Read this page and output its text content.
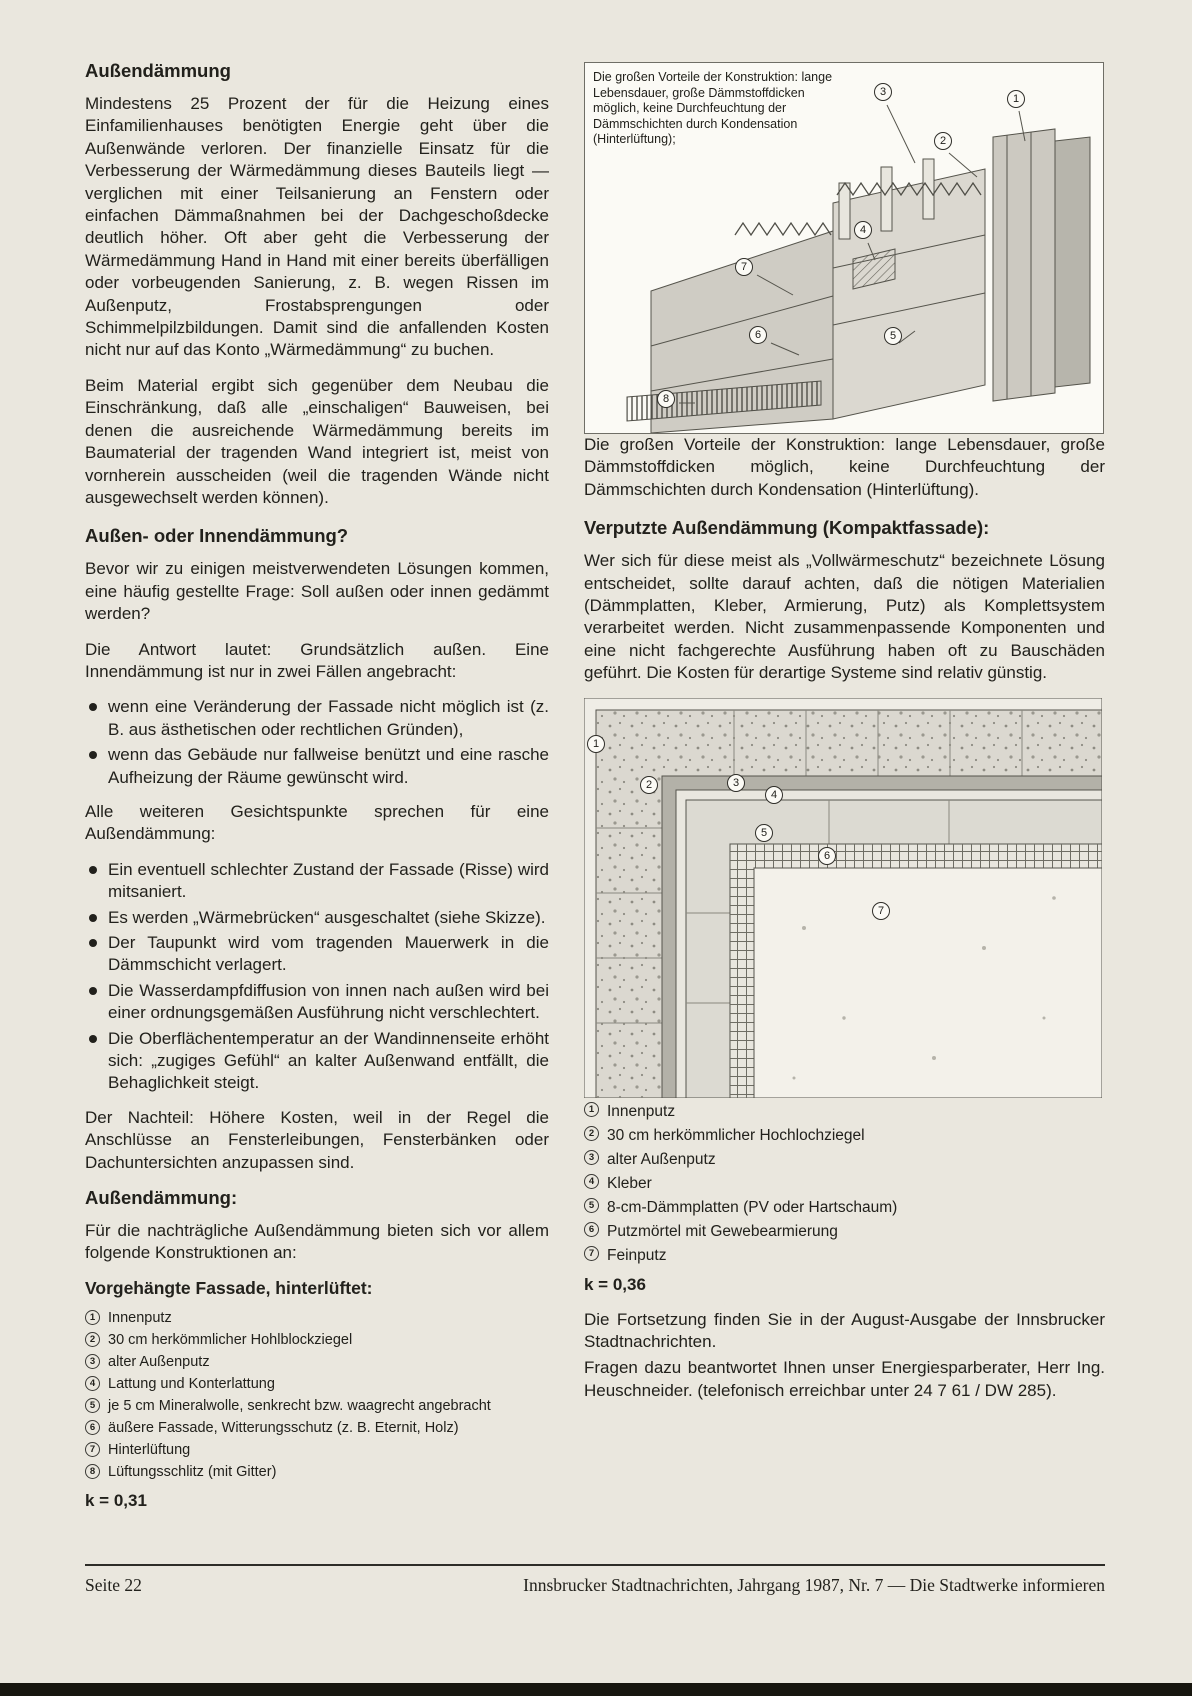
Außendämmung

Mindestens 25 Prozent der für die Heizung eines Einfamilienhauses benötigten Energie geht über die Außenwände verloren. Der finanzielle Einsatz für die Verbesserung der Wärmedämmung dieses Bauteils liegt — verglichen mit einer Teilsanierung an Fenstern oder einfachen Dämmaßnahmen bei der Dachgeschoßdecke deutlich höher. Oft aber geht die Verbesserung der Wärmedämmung Hand in Hand mit einer bereits überfälligen oder vorbeugenden Sanierung, z. B. wegen Rissen im Außenputz, Frostabsprengungen oder Schimmelpilzbildungen. Damit sind die anfallenden Kosten nicht nur auf das Konto „Wärmedämmung“ zu buchen.

Beim Material ergibt sich gegenüber dem Neubau die Einschränkung, daß alle „einschaligen“ Bauweisen, bei denen die ausreichende Wärmedämmung bereits im Baumaterial der tragenden Wand integriert ist, meist von vornherein ausscheiden (weil die tragenden Wände nicht ausgewechselt werden können).

Außen- oder Innendämmung?

Bevor wir zu einigen meistverwendeten Lösungen kommen, eine häufig gestellte Frage: Soll außen oder innen gedämmt werden?

Die Antwort lautet: Grundsätzlich außen. Eine Innendämmung ist nur in zwei Fällen angebracht:

wenn eine Veränderung der Fassade nicht möglich ist (z. B. aus ästhetischen oder rechtlichen Gründen),
wenn das Gebäude nur fallweise benützt und eine rasche Aufheizung der Räume gewünscht wird.

Alle weiteren Gesichtspunkte sprechen für eine Außendämmung:

Ein eventuell schlechter Zustand der Fassade (Risse) wird mitsaniert.
Es werden „Wärmebrücken“ ausgeschaltet (siehe Skizze).
Der Taupunkt wird vom tragenden Mauerwerk in die Dämmschicht verlagert.
Die Wasserdampfdiffusion von innen nach außen wird bei einer ordnungsgemäßen Ausführung nicht verschlechtert.
Die Oberflächentemperatur an der Wandinnenseite erhöht sich: „zugiges Gefühl“ an kalter Außenwand entfällt, die Behaglichkeit steigt.

Der Nachteil: Höhere Kosten, weil in der Regel die Anschlüsse an Fensterleibungen, Fensterbänken oder Dachuntersichten anzupassen sind.

Außendämmung:

Für die nachträgliche Außendämmung bieten sich vor allem folgende Konstruktionen an:

Vorgehängte Fassade, hinterlüftet:
1 Innenputz
2 30 cm herkömmlicher Hohlblockziegel
3 alter Außenputz
4 Lattung und Konterlattung
5 je 5 cm Mineralwolle, senkrecht bzw. waagrecht angebracht
6 äußere Fassade, Witterungsschutz (z. B. Eternit, Holz)
7 Hinterlüftung
8 Lüftungsschlitz (mit Gitter)

k = 0,31

Die großen Vorteile der Konstruktion: lange Lebensdauer, große Dämmstoffdicken möglich, keine Durchfeuchtung der Dämmschichten durch Kondensation (Hinterlüftung);
3
1
2
4
7
6	5
8

Die großen Vorteile der Konstruktion: lange Lebensdauer, große Dämmstoffdicken möglich, keine Durchfeuchtung der Dämmschichten durch Kondensation (Hinterlüftung).

Verputzte Außendämmung (Kompaktfassade):

Wer sich für diese meist als „Vollwärmeschutz“ bezeichnete Lösung entscheidet, sollte darauf achten, daß die nötigen Materialien (Dämmplatten, Kleber, Armierung, Putz) als Komplettsystem verarbeitet werden. Nicht zusammenpassende Komponenten und eine nicht fachgerechte Ausführung haben oft zu Bauschäden geführt. Die Kosten für derartige Systeme sind relativ günstig.

1
2	3
4
5
6
7
1 Innenputz
2 30 cm herkömmlicher Hochlochziegel
3 alter Außenputz
4 Kleber
5 8-cm-Dämmplatten (PV oder Hartschaum)
6 Putzmörtel mit Gewebearmierung
7 Feinputz

k = 0,36

Die Fortsetzung finden Sie in der August-Ausgabe der Innsbrucker Stadtnachrichten.

Fragen dazu beantwortet Ihnen unser Energiesparberater, Herr Ing. Heuschneider. (telefonisch erreichbar unter 24 7 61 / DW 285).

Seite 22	Innsbrucker Stadtnachrichten, Jahrgang 1987, Nr. 7 — Die Stadtwerke informieren
